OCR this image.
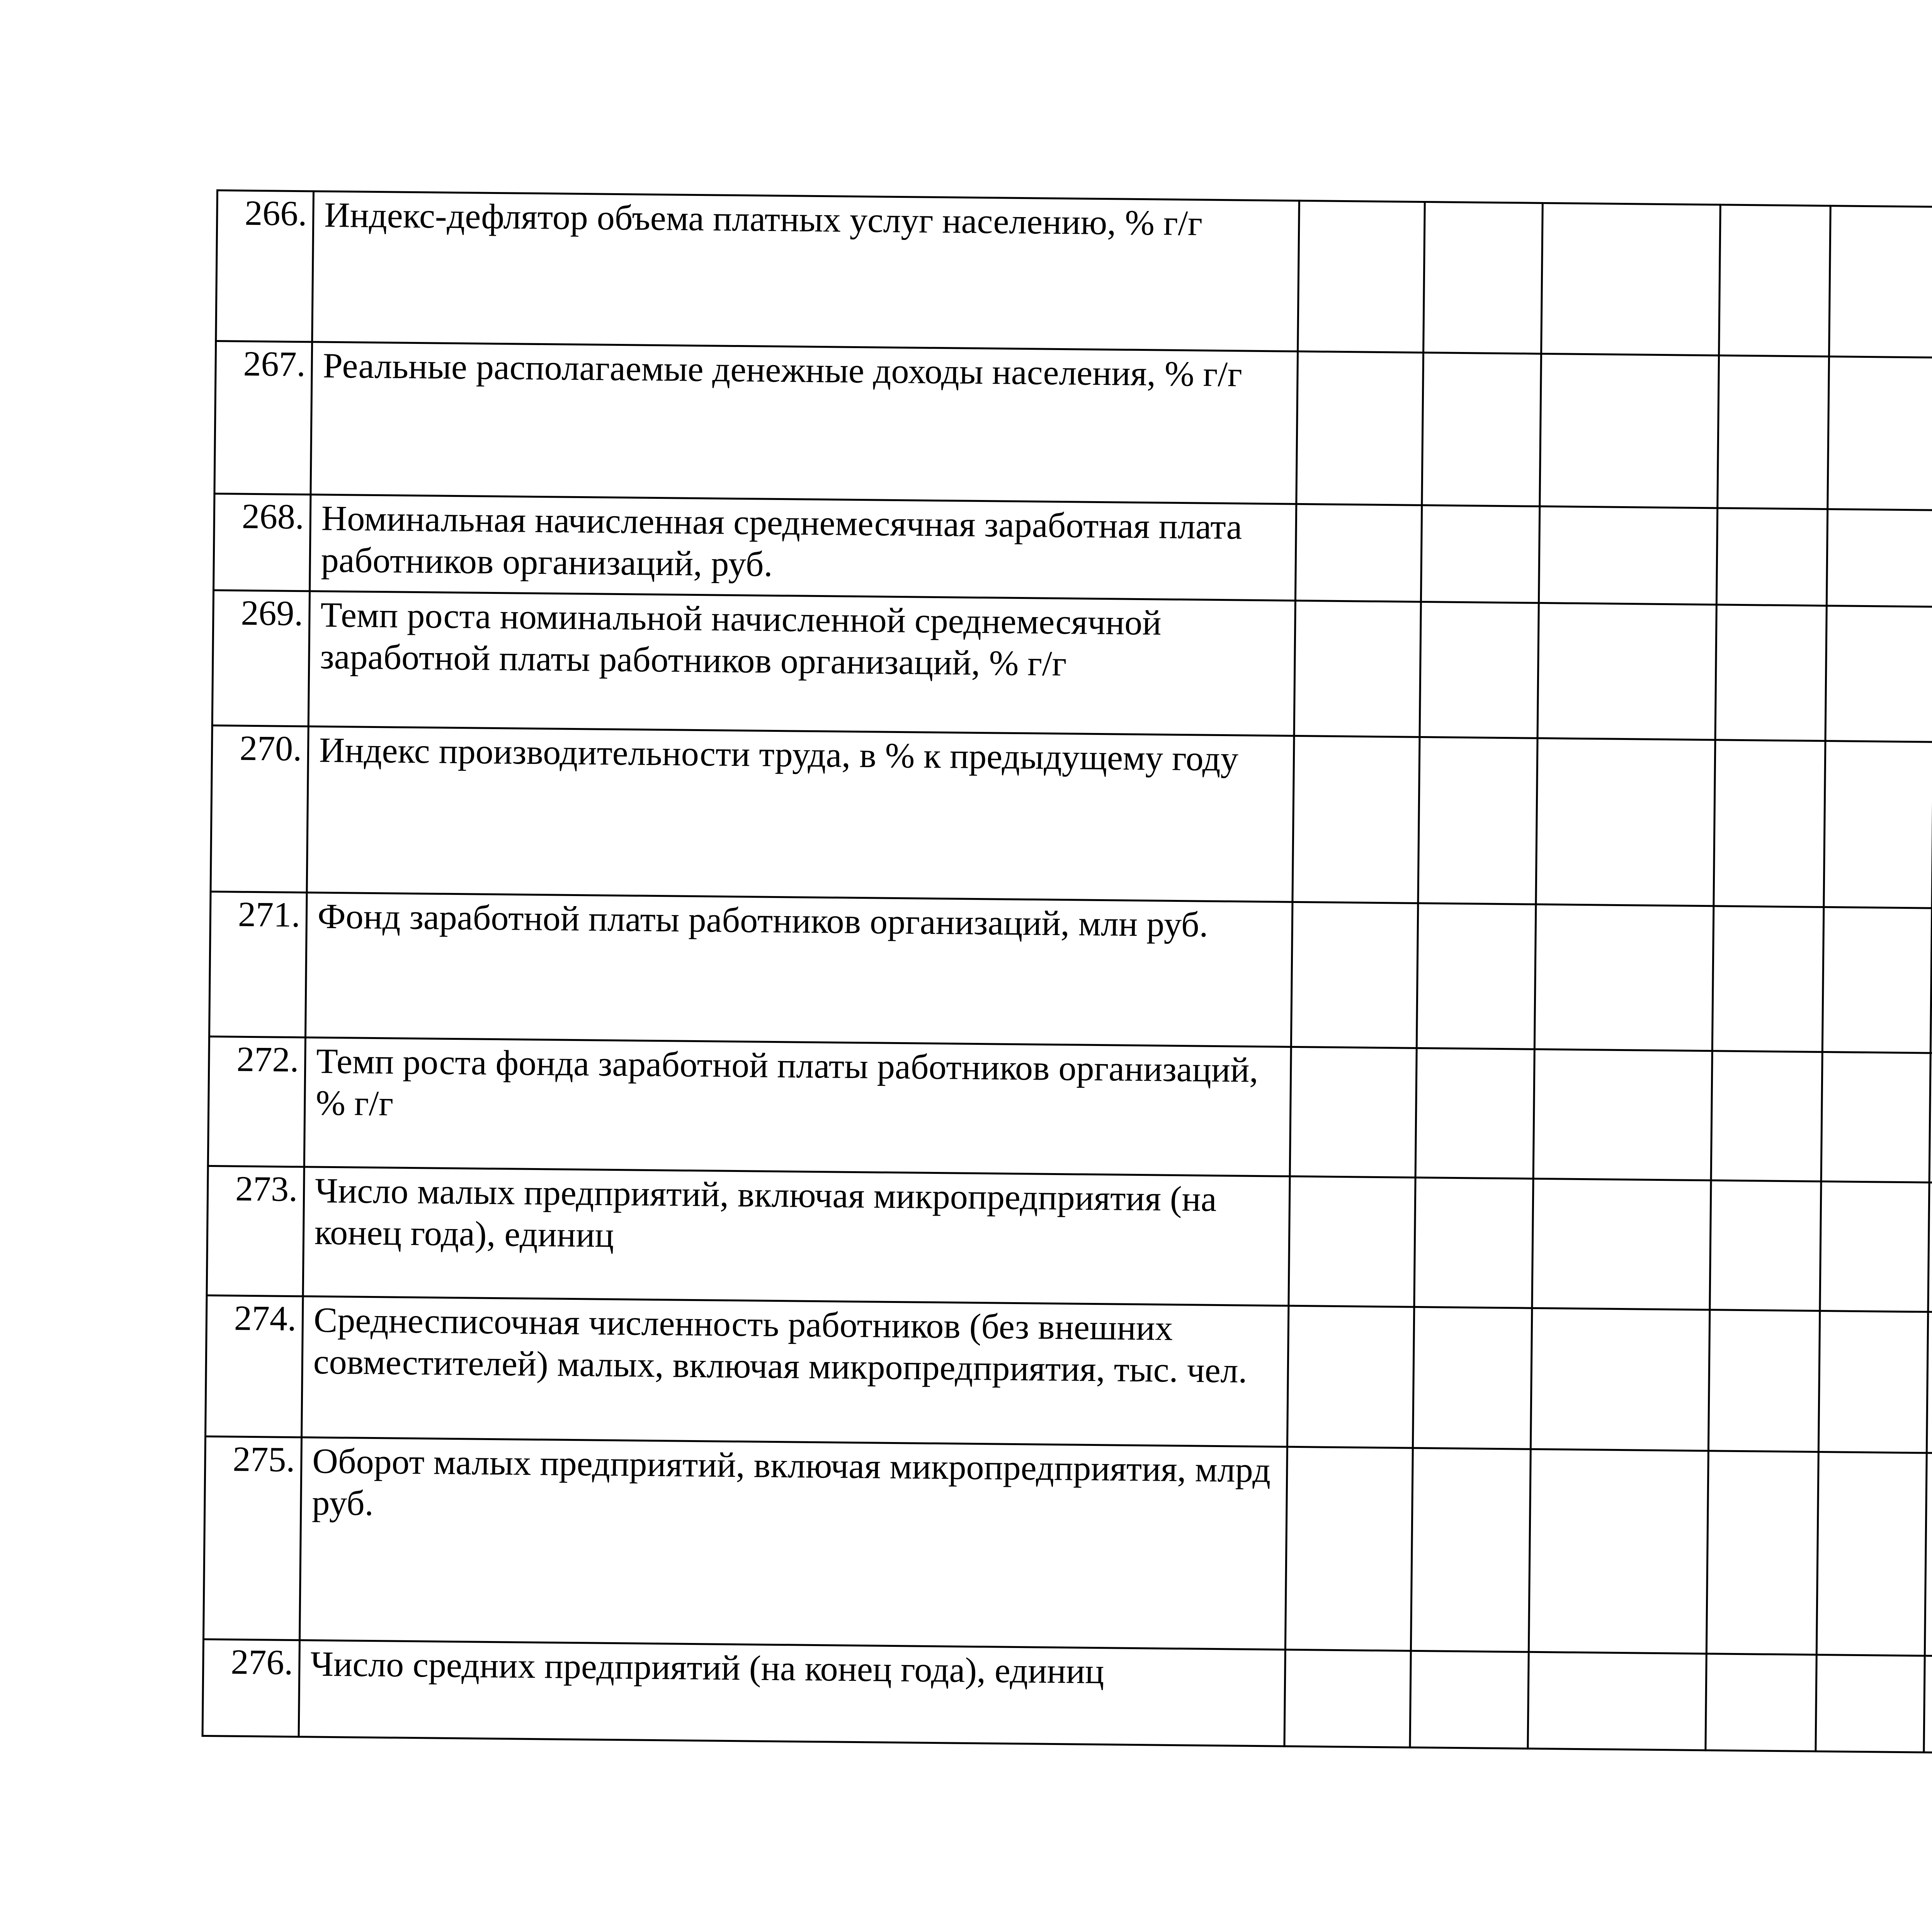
266.	Индекс-дефлятор объема платных услуг населению, % г/г											
267.	Реальные располагаемые денежные доходы населения, % г/г											
268.	Номинальная начисленная среднемесячная заработная плата работников организаций, руб.											
269.	Темп роста номинальной начисленной среднемесячной заработной платы работников организаций, % г/г											
270.	Индекс производительности труда, в % к предыдущему году											
271.	Фонд заработной платы работников организаций, млн руб.											
272.	Темп роста фонда заработной платы работников организаций, % г/г											
273.	Число малых предприятий, включая микропредприятия (на конец года), единиц											
274.	Среднесписочная численность работников (без внешних совместителей) малых, включая микропредприятия, тыс. чел.											
275.	Оборот малых предприятий, включая микропредприятия, млрд руб.											
276.	Число средних предприятий (на конец года), единиц											
